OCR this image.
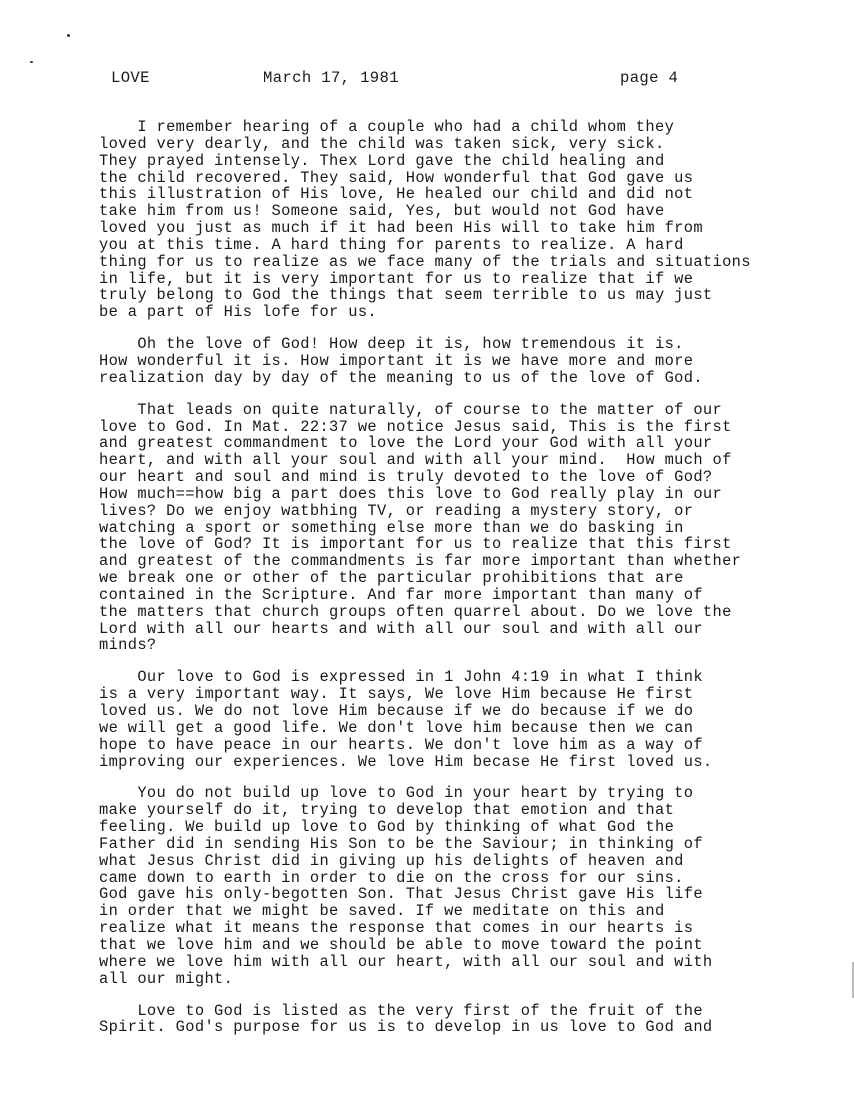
LOVE	March 17, 1981	page 4
I remember hearing of a couple who had a child whom they
loved very dearly, and the child was taken sick, very sick.
They prayed intensely. Thex Lord gave the child healing and
the child recovered. They said, How wonderful that God gave us
this illustration of His love, He healed our child and did not
take him from us! Someone said, Yes, but would not God have
loved you just as much if it had been His will to take him from
you at this time. A hard thing for parents to realize. A hard
thing for us to realize as we face many of the trials and situations
in life, but it is very important for us to realize that if we
truly belong to God the things that seem terrible to us may just
be a part of His lofe for us.
Oh the love of God! How deep it is, how tremendous it is.
How wonderful it is. How important it is we have more and more
realization day by day of the meaning to us of the love of God.
That leads on quite naturally, of course to the matter of our
love to God. In Mat. 22:37 we notice Jesus said, This is the first
and greatest commandment to love the Lord your God with all your
heart, and with all your soul and with all your mind.  How much of
our heart and soul and mind is truly devoted to the love of God?
How much==how big a part does this love to God really play in our
lives? Do we enjoy watbhing TV, or reading a mystery story, or
watching a sport or something else more than we do basking in
the love of God? It is important for us to realize that this first
and greatest of the commandments is far more important than whether
we break one or other of the particular prohibitions that are
contained in the Scripture. And far more important than many of
the matters that church groups often quarrel about. Do we love the
Lord with all our hearts and with all our soul and with all our
minds?
Our love to God is expressed in 1 John 4:19 in what I think
is a very important way. It says, We love Him because He first
loved us. We do not love Him because if we do because if we do
we will get a good life. We don't love him because then we can
hope to have peace in our hearts. We don't love him as a way of
improving our experiences. We love Him becase He first loved us.
You do not build up love to God in your heart by trying to
make yourself do it, trying to develop that emotion and that
feeling. We build up love to God by thinking of what God the
Father did in sending His Son to be the Saviour; in thinking of
what Jesus Christ did in giving up his delights of heaven and
came down to earth in order to die on the cross for our sins.
God gave his only-begotten Son. That Jesus Christ gave His life
in order that we might be saved. If we meditate on this and
realize what it means the response that comes in our hearts is
that we love him and we should be able to move toward the point
where we love him with all our heart, with all our soul and with
all our might.
Love to God is listed as the very first of the fruit of the
Spirit. God's purpose for us is to develop in us love to God and
